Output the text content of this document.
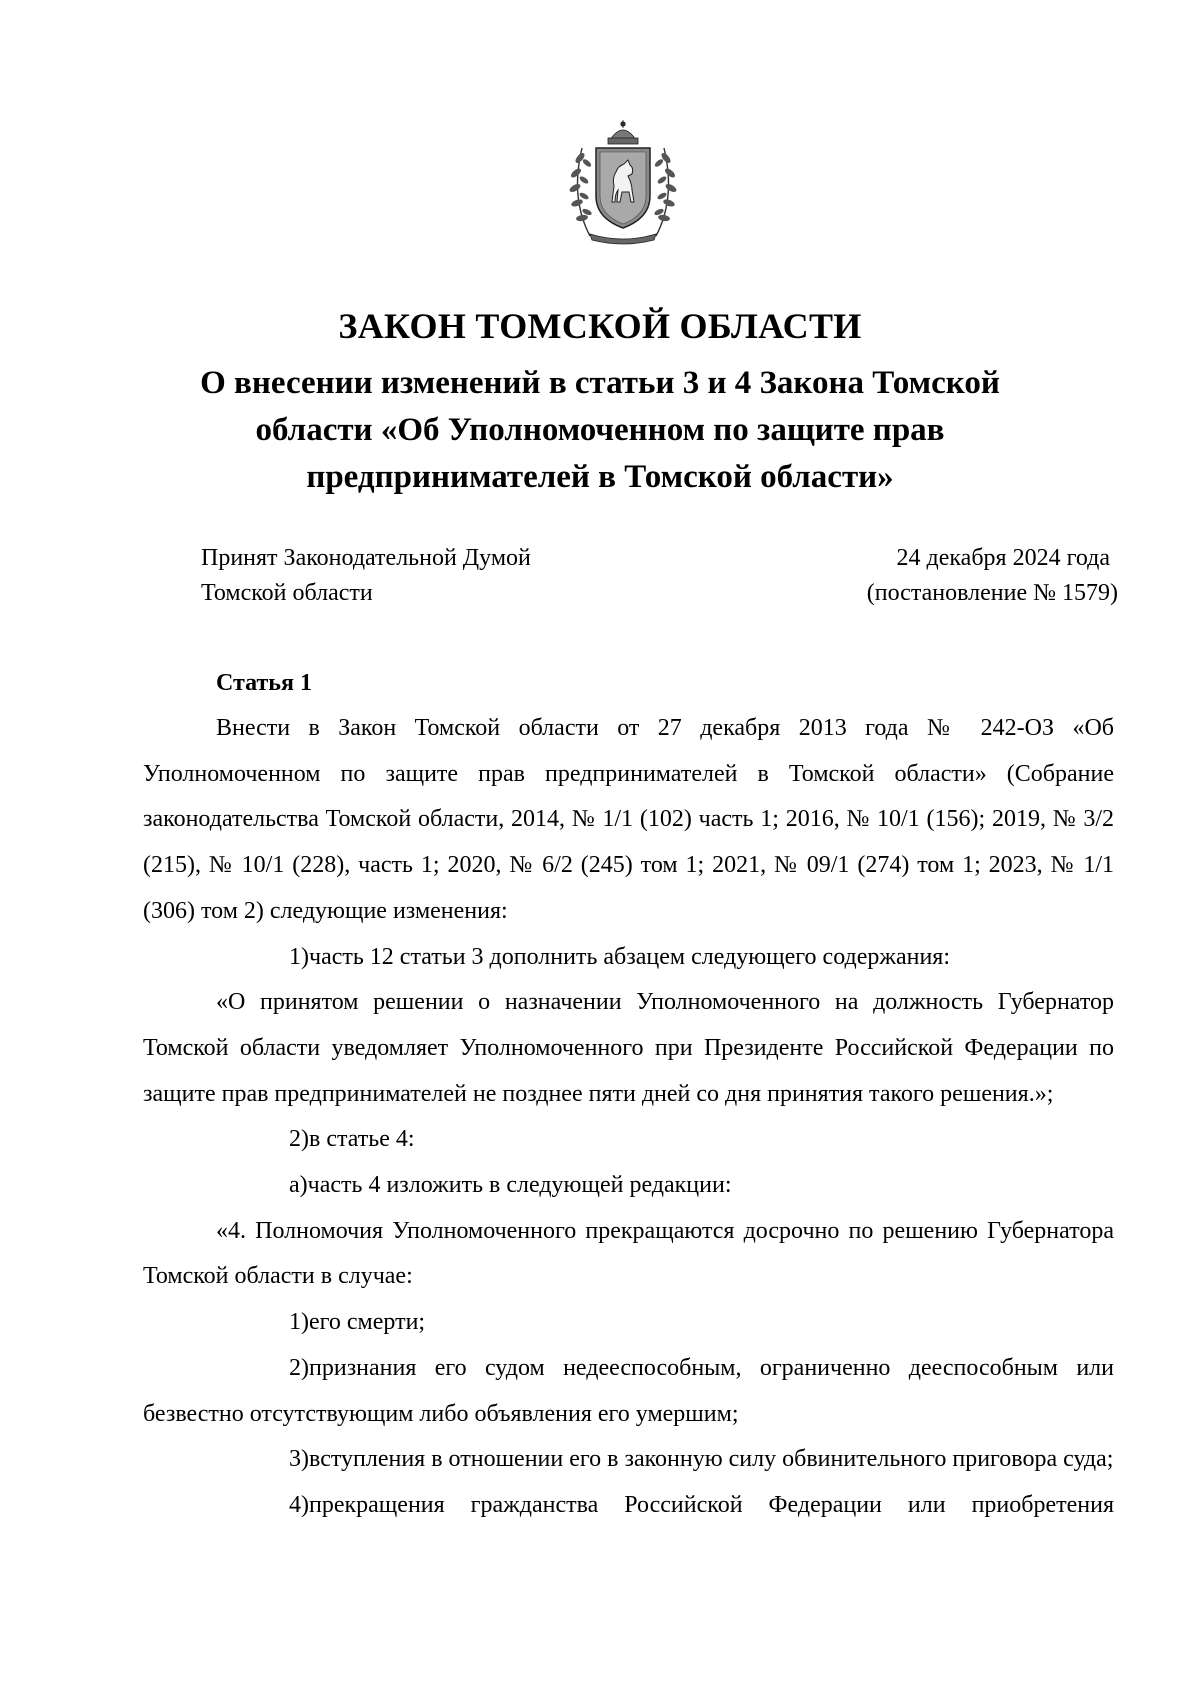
ЗАКОН ТОМСКОЙ ОБЛАСТИ
О внесении изменений в статьи 3 и 4 Закона Томской
области «Об Уполномоченном по защите прав
предпринимателей в Томской области»
Принят Законодательной Думой
Томской области
24 декабря 2024 года
(постановление № 1579)
Статья 1

Внести в Закон Томской области от 27 декабря 2013 года № 242-ОЗ «Об Уполномоченном по защите прав предпринимателей в Томской области» (Собрание законодательства Томской области, 2014, № 1/1 (102) часть 1; 2016, № 10/1 (156); 2019, № 3/2 (215), № 10/1 (228), часть 1; 2020, № 6/2 (245) том 1; 2021, № 09/1 (274) том 1; 2023, № 1/1 (306) том 2) следующие изменения:

1)часть 12 статьи 3 дополнить абзацем следующего содержания:

«О принятом решении о назначении Уполномоченного на должность Губернатор Томской области уведомляет Уполномоченного при Президенте Российской Федерации по защите прав предпринимателей не позднее пяти дней со дня принятия такого решения.»;

2)в статье 4:

а)часть 4 изложить в следующей редакции:

«4. Полномочия Уполномоченного прекращаются досрочно по решению Губернатора Томской области в случае:

1)его смерти;

2)признания его судом недееспособным, ограниченно дееспособным или безвестно отсутствующим либо объявления его умершим;

3)вступления в отношении его в законную силу обвинительного приговора суда;

4)прекращения гражданства Российской Федерации или приобретения
